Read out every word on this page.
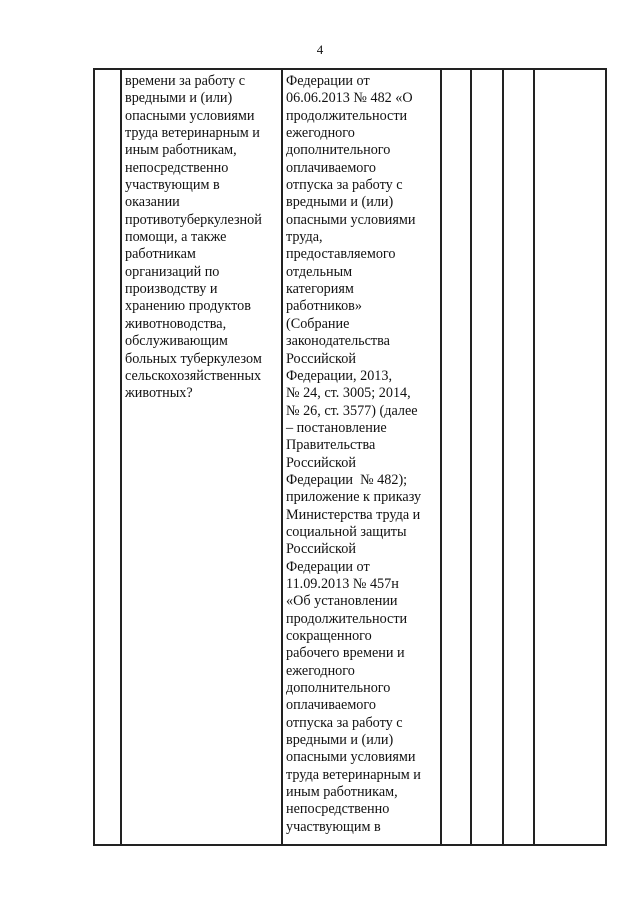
4
времени за работу с
вредными и (или)
опасными условиями
труда ветеринарным и
иным работникам,
непосредственно
участвующим в
оказании
противотуберкулезной
помощи, а также
работникам
организаций по
производству и
хранению продуктов
животноводства,
обслуживающим
больных туберкулезом
сельскохозяйственных
животных?
Федерации от
06.06.2013 № 482 «О
продолжительности
ежегодного
дополнительного
оплачиваемого
отпуска за работу с
вредными и (или)
опасными условиями
труда,
предоставляемого
отдельным
категориям
работников»
(Собрание
законодательства
Российской
Федерации, 2013,
№ 24, ст. 3005; 2014,
№ 26, ст. 3577) (далее
– постановление
Правительства
Российской
Федерации  № 482);
приложение к приказу
Министерства труда и
социальной защиты
Российской
Федерации от
11.09.2013 № 457н
«Об установлении
продолжительности
сокращенного
рабочего времени и
ежегодного
дополнительного
оплачиваемого
отпуска за работу с
вредными и (или)
опасными условиями
труда ветеринарным и
иным работникам,
непосредственно
участвующим в
